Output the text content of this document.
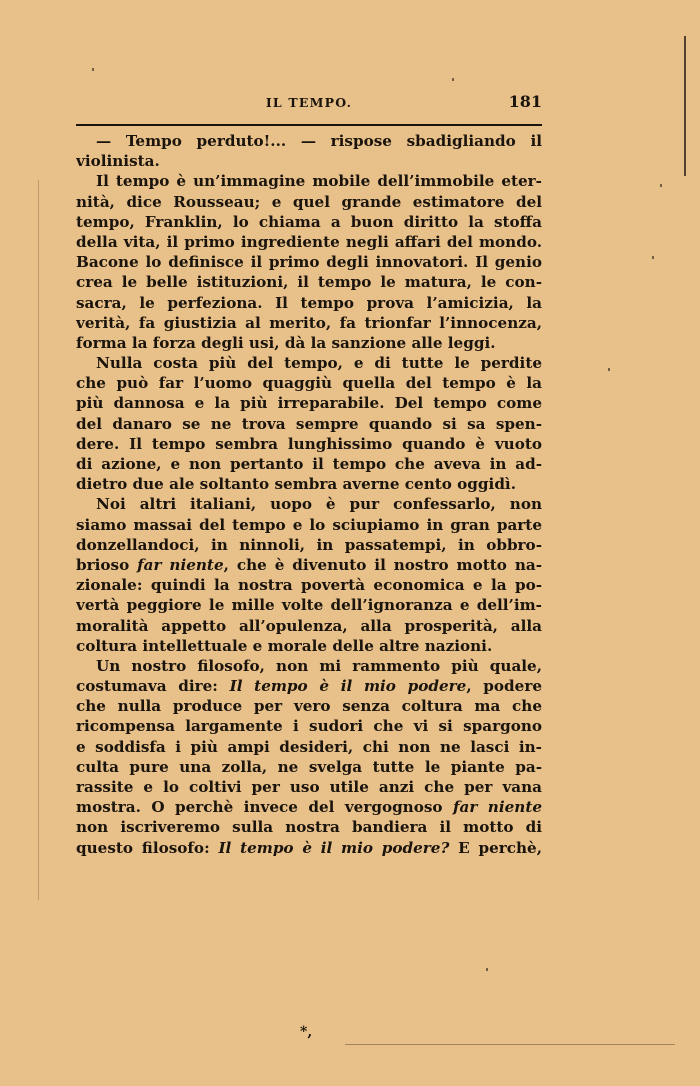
IL TEMPO.	181
— Tempo perduto!... — rispose sbadigliando il
violinista.
Il tempo è un’immagine mobile dell’immobile eter-
nità, dice Rousseau; e quel grande estimatore del
tempo, Franklin, lo chiama a buon diritto la stoffa
della vita, il primo ingrediente negli affari del mondo.
Bacone lo definisce il primo degli innovatori. Il genio
crea le belle istituzioni, il tempo le matura, le con-
sacra, le perfeziona. Il tempo prova l’amicizia, la
verità, fa giustizia al merito, fa trionfar l’innocenza,
forma la forza degli usi, dà la sanzione alle leggi.
Nulla costa più del tempo, e di tutte le perdite
che può far l’uomo quaggiù quella del tempo è la
più dannosa e la più irreparabile. Del tempo come
del danaro se ne trova sempre quando si sa spen-
dere. Il tempo sembra lunghissimo quando è vuoto
di azione, e non pertanto il tempo che aveva in ad-
dietro due ale soltanto sembra averne cento oggidì.
Noi altri italiani, uopo è pur confessarlo, non
siamo massai del tempo e lo sciupiamo in gran parte
donzellandoci, in ninnoli, in passatempi, in obbro-
brioso far niente, che è divenuto il nostro motto na-
zionale: quindi la nostra povertà economica e la po-
vertà peggiore le mille volte dell’ignoranza e dell’im-
moralità appetto all’opulenza, alla prosperità, alla
coltura intellettuale e morale delle altre nazioni.
Un nostro filosofo, non mi rammento più quale,
costumava dire: Il tempo è il mio podere, podere
che nulla produce per vero senza coltura ma che
ricompensa largamente i sudori che vi si spargono
e soddisfa i più ampi desideri, chi non ne lasci in-
culta pure una zolla, ne svelga tutte le piante pa-
rassite e lo coltivi per uso utile anzi che per vana
mostra. O perchè invece del vergognoso far niente
non iscriveremo sulla nostra bandiera il motto di
questo filosofo: Il tempo è il mio podere? E perchè,
*,
